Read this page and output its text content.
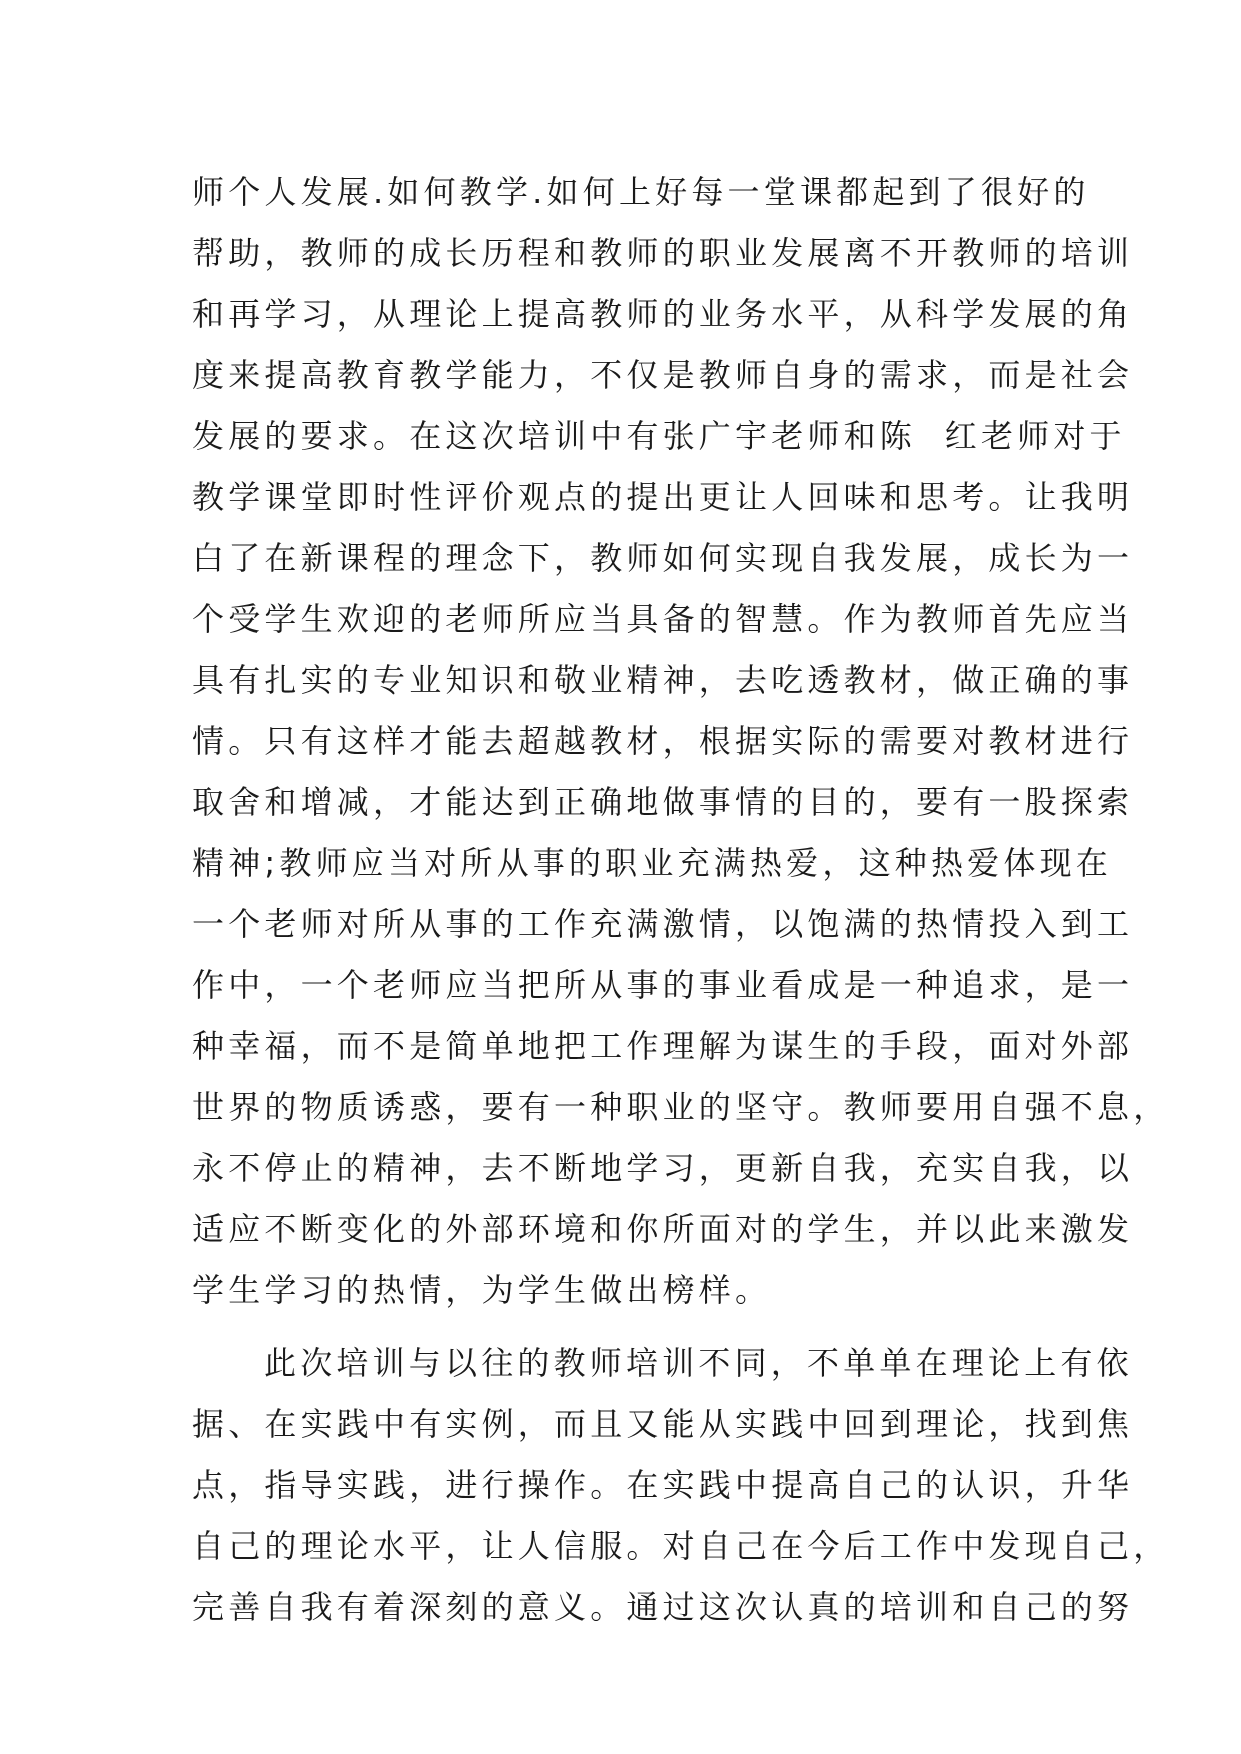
师个人发展.如何教学.如何上好每一堂课都起到了很好的
帮助，教师的成长历程和教师的职业发展离不开教师的培训
和再学习，从理论上提高教师的业务水平，从科学发展的角
度来提高教育教学能力，不仅是教师自身的需求，而是社会
发展的要求。在这次培训中有张广宇老师和陈  红老师对于
教学课堂即时性评价观点的提出更让人回味和思考。让我明
白了在新课程的理念下，教师如何实现自我发展，成长为一
个受学生欢迎的老师所应当具备的智慧。作为教师首先应当
具有扎实的专业知识和敬业精神，去吃透教材，做正确的事
情。只有这样才能去超越教材，根据实际的需要对教材进行
取舍和增减，才能达到正确地做事情的目的，要有一股探索
精神;教师应当对所从事的职业充满热爱，这种热爱体现在
一个老师对所从事的工作充满激情，以饱满的热情投入到工
作中，一个老师应当把所从事的事业看成是一种追求，是一
种幸福，而不是简单地把工作理解为谋生的手段，面对外部
世界的物质诱惑，要有一种职业的坚守。教师要用自强不息，
永不停止的精神，去不断地学习，更新自我，充实自我，以
适应不断变化的外部环境和你所面对的学生，并以此来激发
学生学习的热情，为学生做出榜样。
此次培训与以往的教师培训不同，不单单在理论上有依
据、在实践中有实例，而且又能从实践中回到理论，找到焦
点，指导实践，进行操作。在实践中提高自己的认识，升华
自己的理论水平，让人信服。对自己在今后工作中发现自己，
完善自我有着深刻的意义。通过这次认真的培训和自己的努
